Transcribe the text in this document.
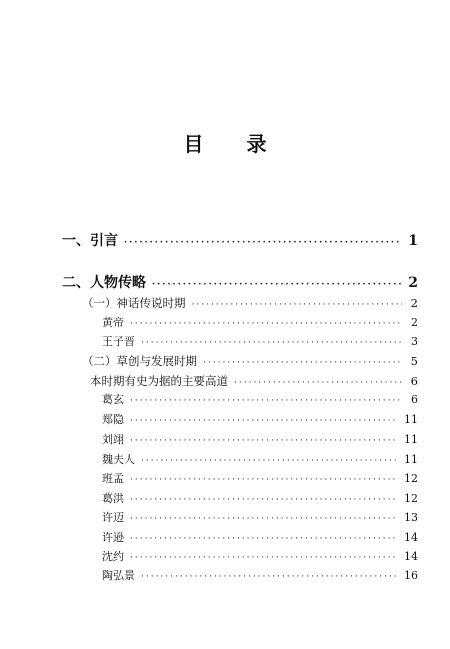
目 录
一、引言 ·····	1
二、人物传略 ·····	2
（一）神话传说时期 ·····	2
黄帝 ·····	2
王子晋 ·····	3
（二）草创与发展时期 ·····	5
本时期有史为据的主要高道 ·····	6
葛玄 ·····	6
郑隐 ·····	11
刘翊 ·····	11
魏夫人 ·····	11
班孟 ·····	12
葛洪 ·····	12
许迈 ·····	13
许逊 ·····	14
沈约 ·····	14
陶弘景 ·····	16
